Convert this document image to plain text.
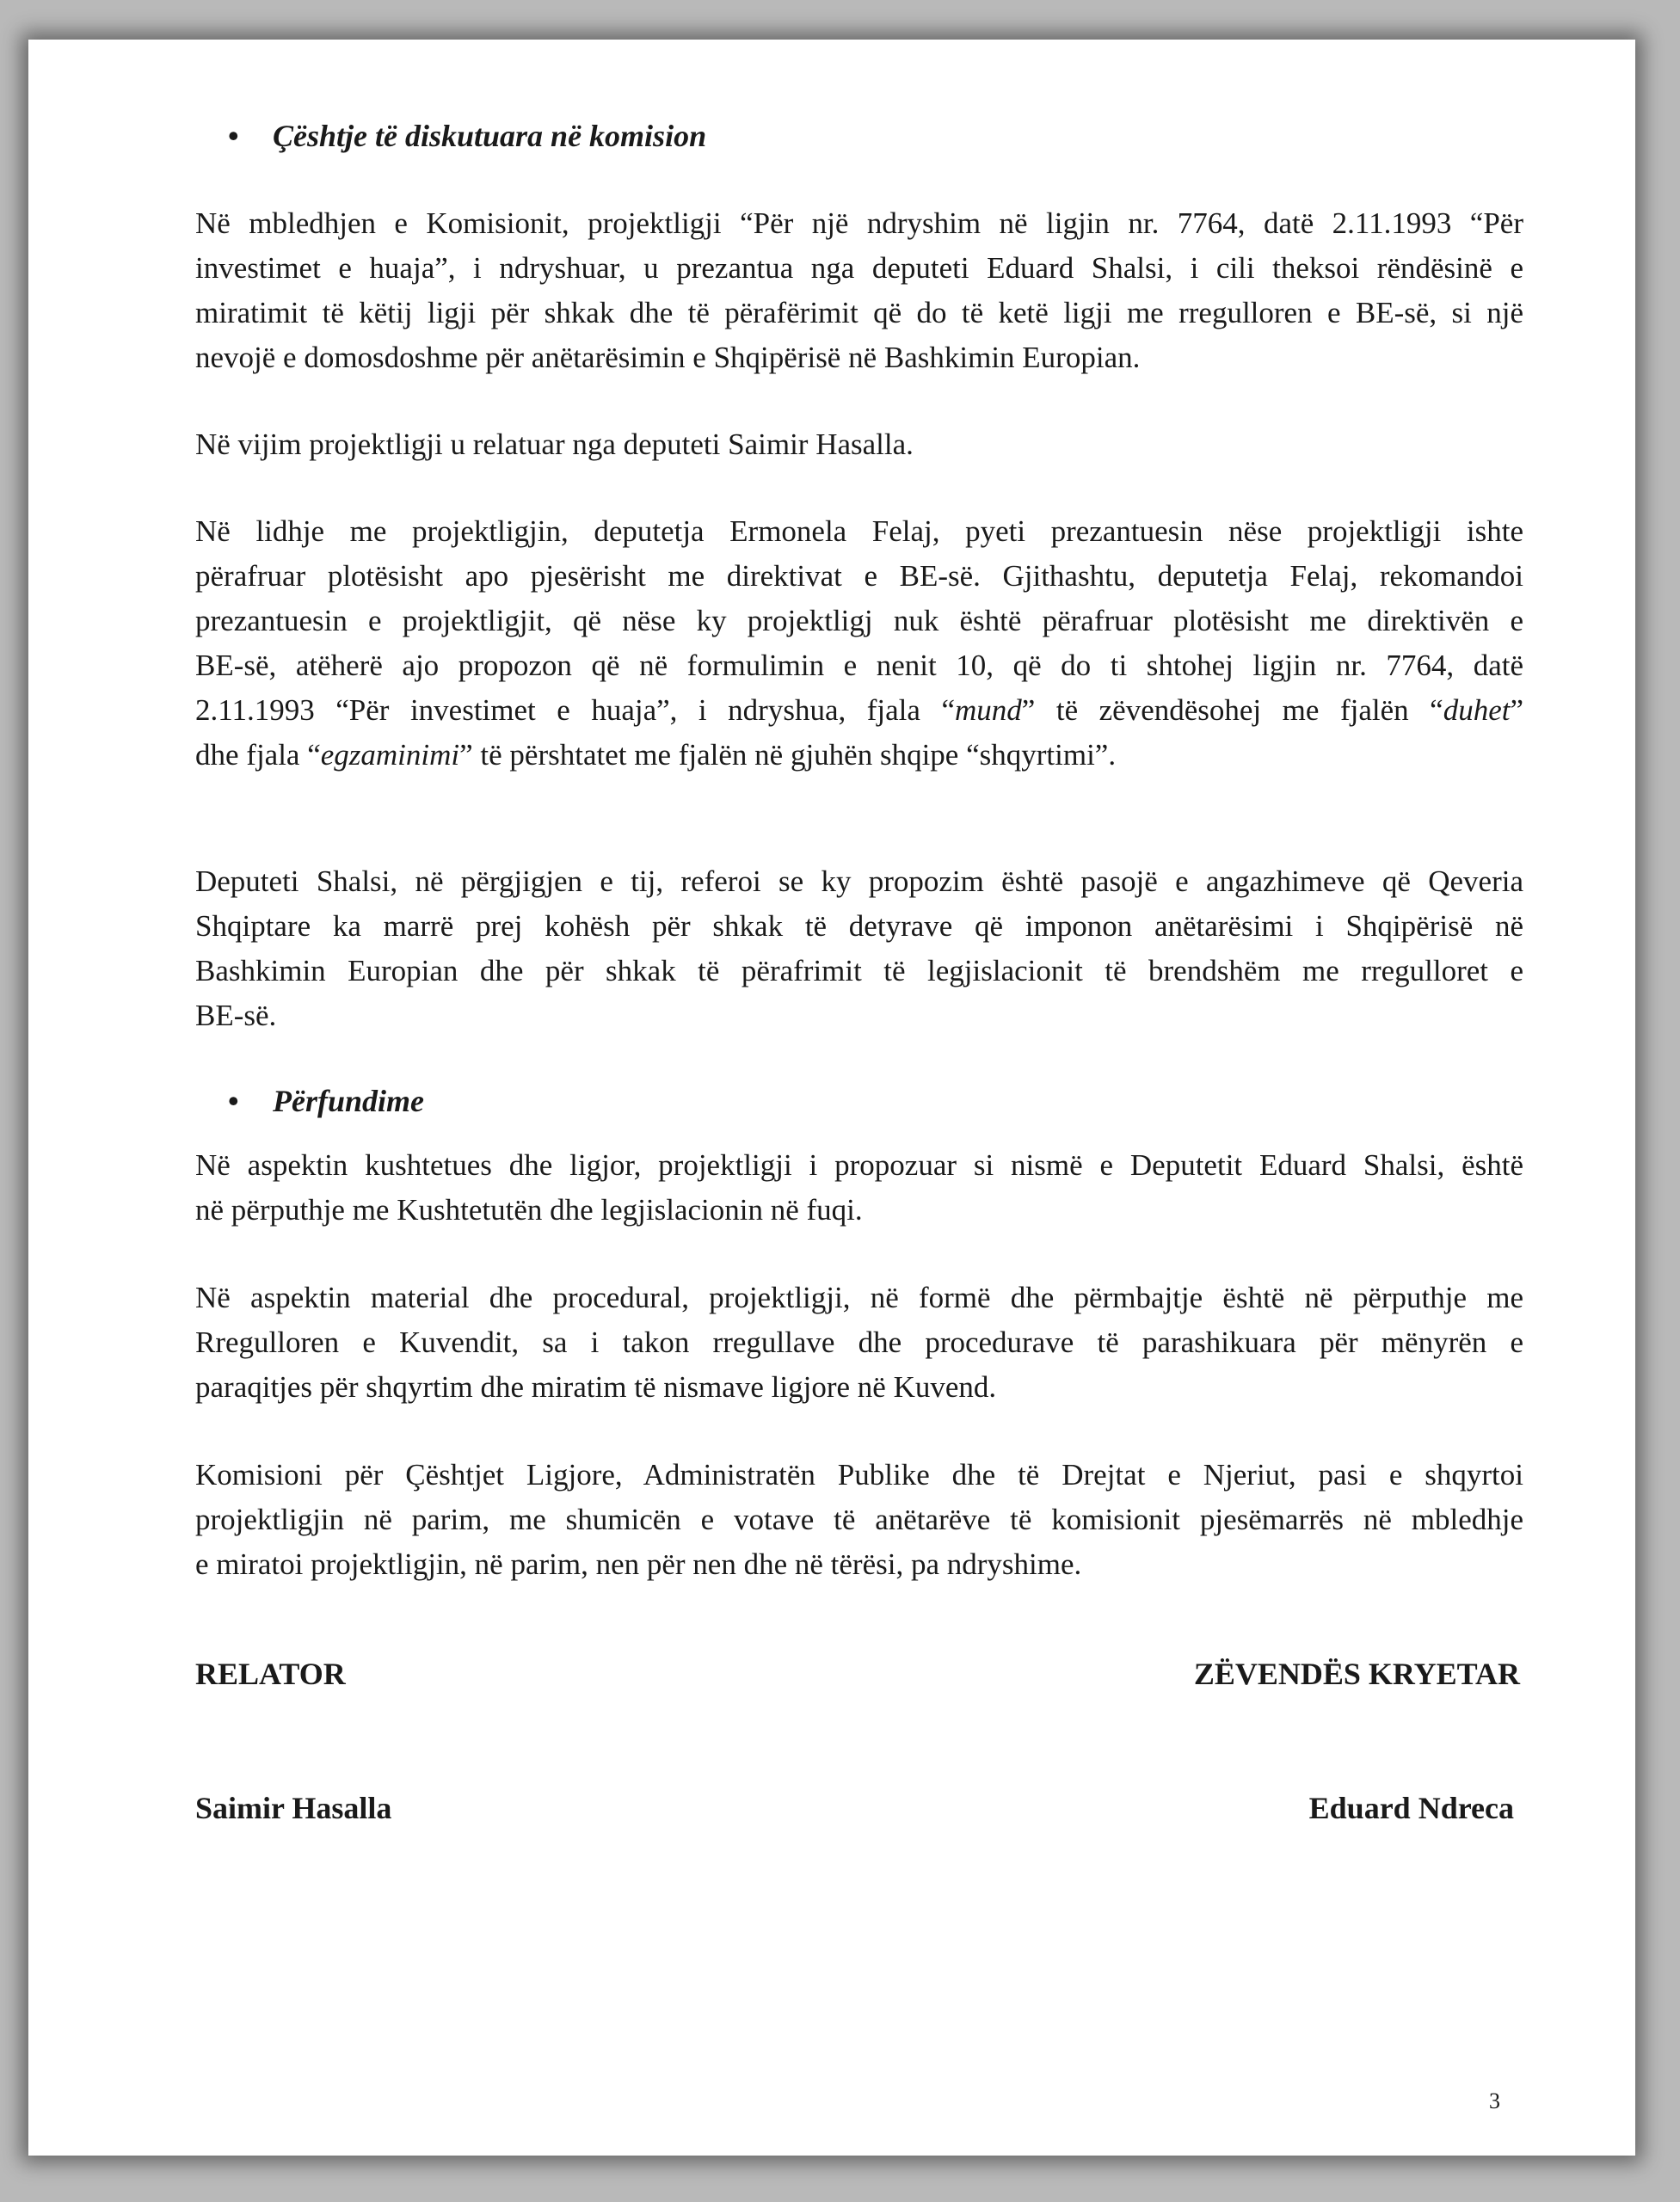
• Çështje të diskutuara në komision
Në mbledhjen e Komisionit, projektligji “Për një ndryshim në ligjin nr. 7764, datë 2.11.1993 “Për
investimet e huaja”, i ndryshuar, u prezantua nga deputeti Eduard Shalsi, i cili theksoi rëndësinë e
miratimit të këtij ligji për shkak dhe të përafërimit që do të ketë ligji me rregulloren e BE-së, si një
nevojë e domosdoshme për anëtarësimin e Shqipërisë në Bashkimin Europian.
Në vijim projektligji u relatuar nga deputeti Saimir Hasalla.
Në lidhje me projektligjin, deputetja Ermonela Felaj, pyeti prezantuesin nëse projektligji ishte
përafruar plotësisht apo pjesërisht me direktivat e BE-së. Gjithashtu, deputetja Felaj, rekomandoi
prezantuesin e projektligjit, që nëse ky projektligj nuk është përafruar plotësisht me direktivën e
BE-së, atëherë ajo propozon që në formulimin e nenit 10, që do ti shtohej ligjin nr. 7764, datë
2.11.1993 “Për investimet e huaja”, i ndryshua, fjala “mund” të zëvendësohej me fjalën “duhet”
dhe fjala “egzaminimi” të përshtatet me fjalën në gjuhën shqipe “shqyrtimi”.
Deputeti Shalsi, në përgjigjen e tij, referoi se ky propozim është pasojë e angazhimeve që Qeveria
Shqiptare ka marrë prej kohësh për shkak të detyrave që imponon anëtarësimi i Shqipërisë në
Bashkimin Europian dhe për shkak të përafrimit të legjislacionit të brendshëm me rregulloret e
BE-së.
• Përfundime
Në aspektin kushtetues dhe ligjor, projektligji i propozuar si nismë e Deputetit Eduard Shalsi, është
në përputhje me Kushtetutën dhe legjislacionin në fuqi.
Në aspektin material dhe procedural, projektligji, në formë dhe përmbajtje është në përputhje me
Rregulloren e Kuvendit, sa i takon rregullave dhe procedurave të parashikuara për mënyrën e
paraqitjes për shqyrtim dhe miratim të nismave ligjore në Kuvend.
Komisioni për Çështjet Ligjore, Administratën Publike dhe të Drejtat e Njeriut, pasi e shqyrtoi
projektligjin në parim, me shumicën e votave të anëtarëve të komisionit pjesëmarrës në mbledhje
e miratoi projektligjin, në parim, nen për nen dhe në tërësi, pa ndryshime.
RELATOR	ZËVENDËS KRYETAR
Saimir Hasalla	Eduard Ndreca
3
